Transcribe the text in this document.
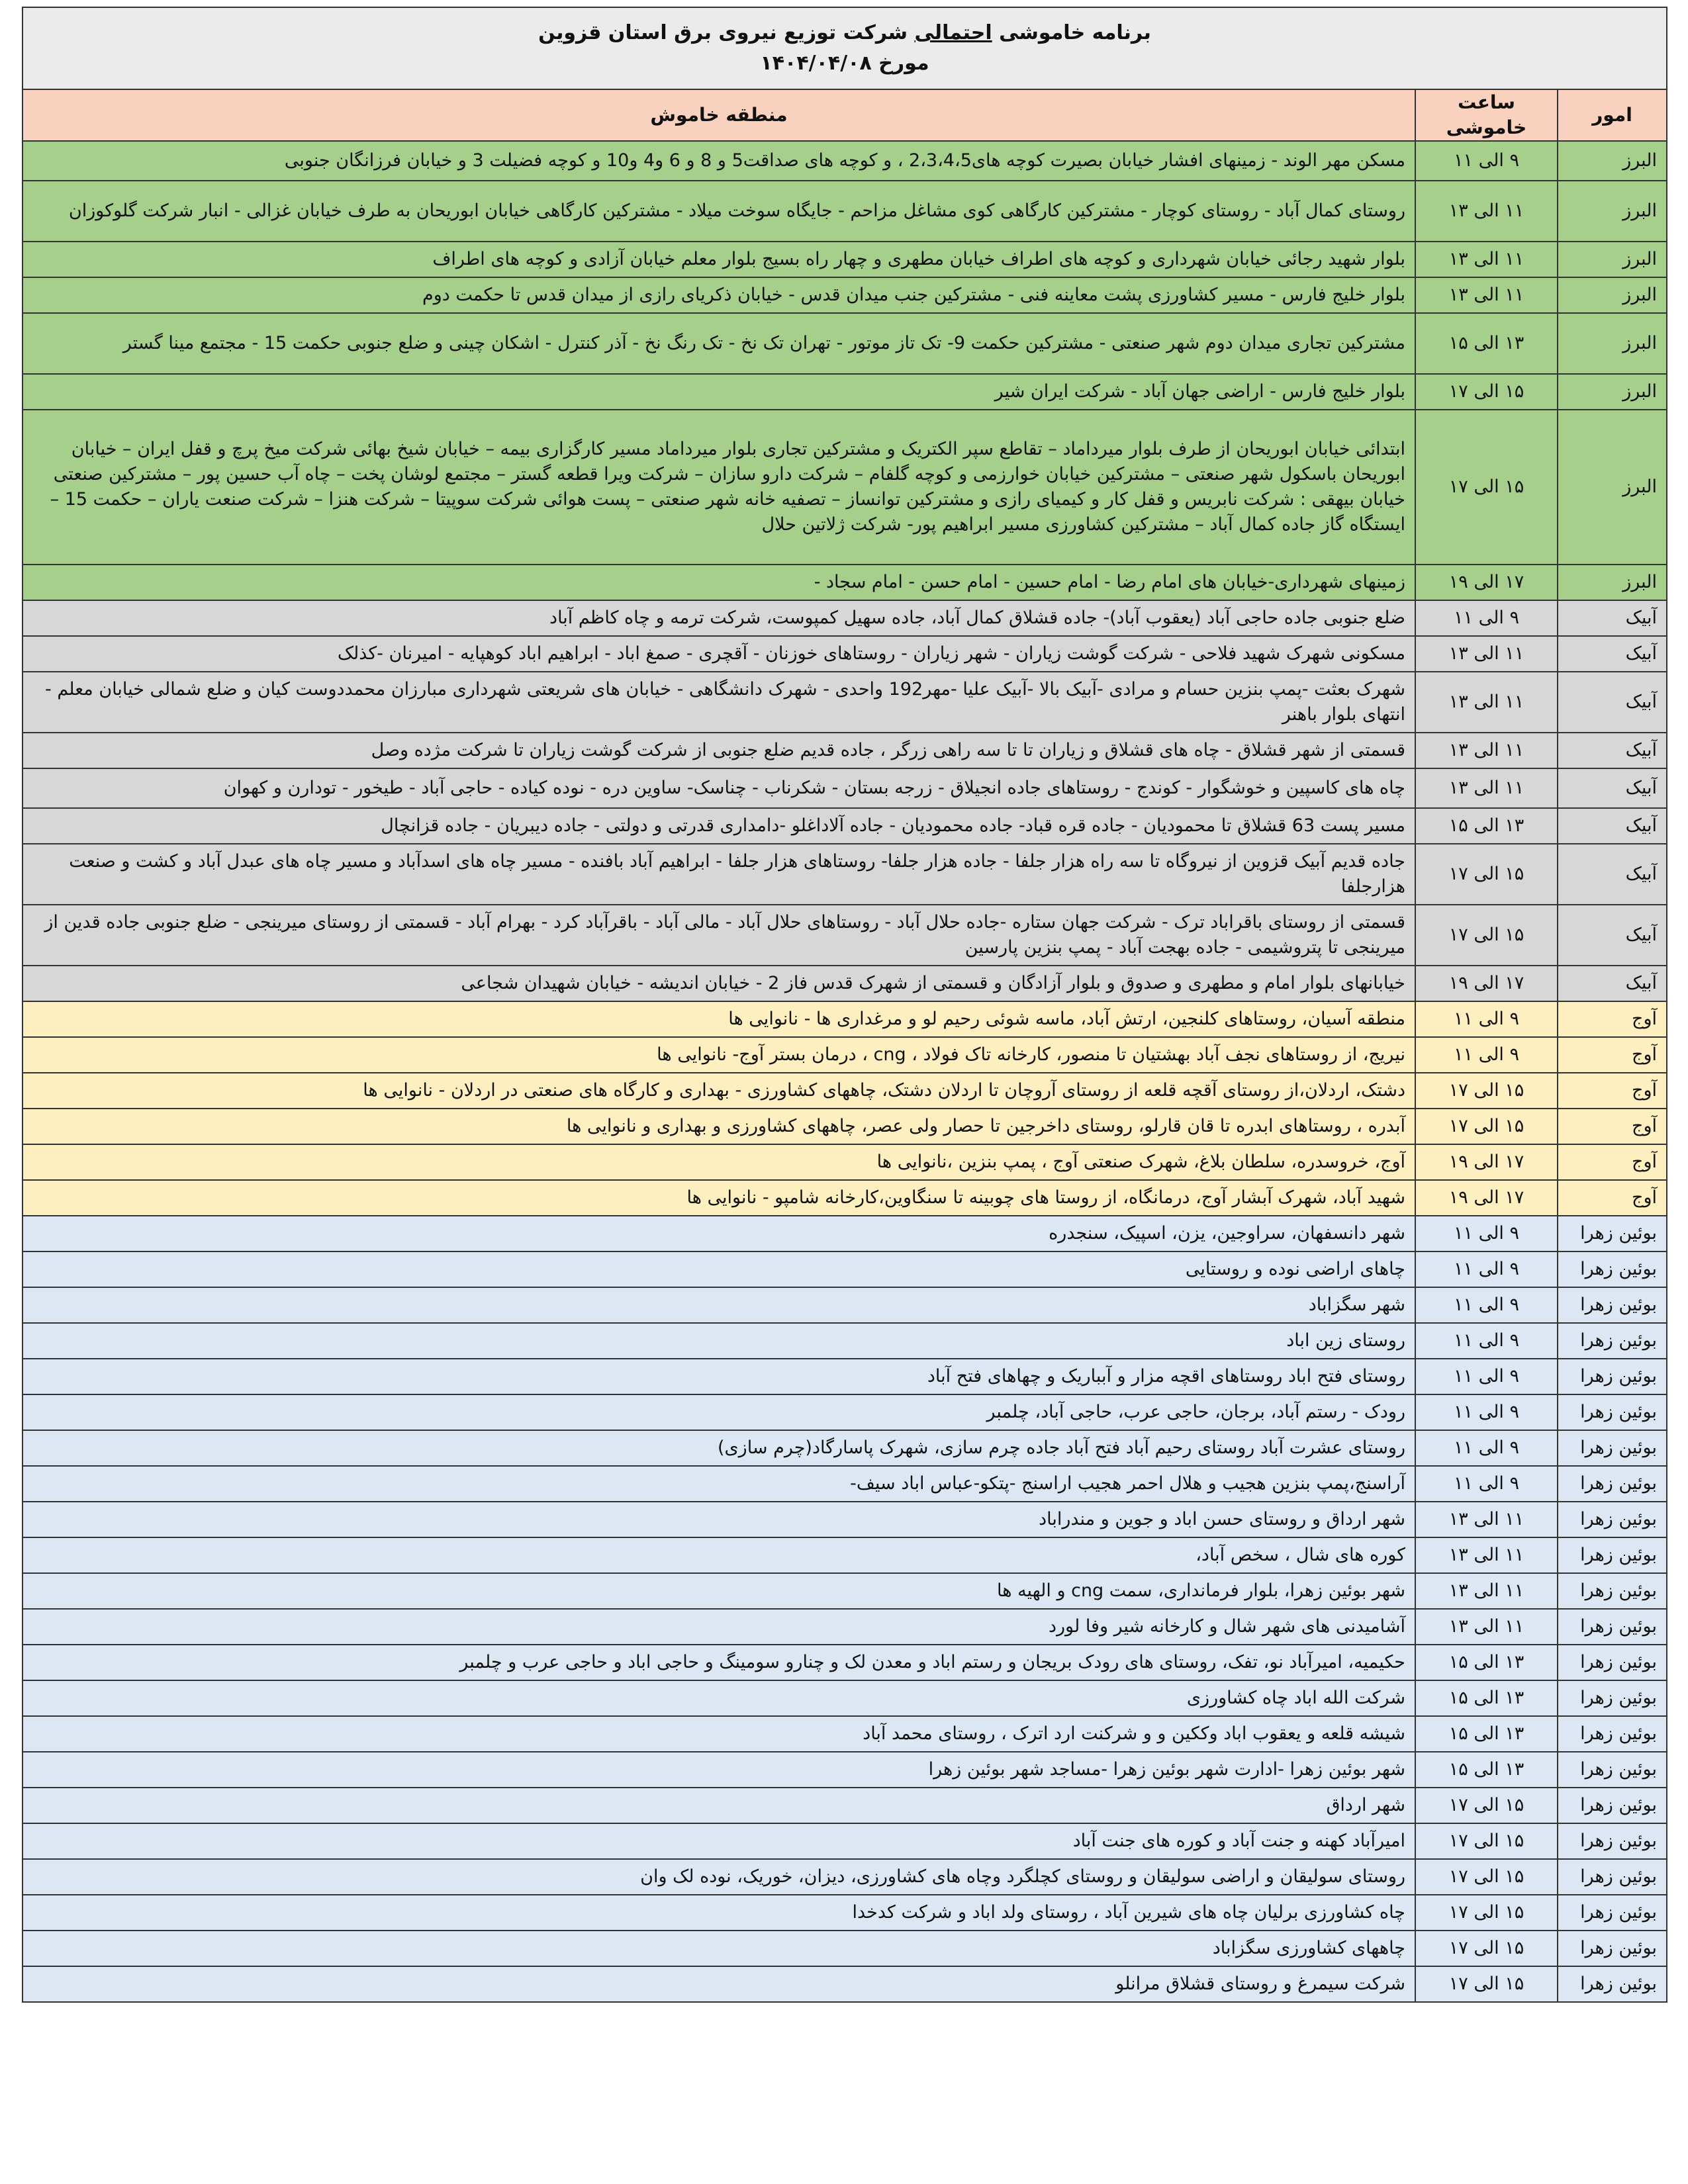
برنامه خاموشی احتمالی شرکت توزیع نیروی برق استان قزوین
مورخ ۱۴۰۴/۰۴/۰۸		

امور	ساعت خاموشی	منطقه خاموش
البرز	۹ الی ۱۱	مسکن مهر الوند - زمینهای افشار خیابان بصیرت کوچه های2،3،4،5 ، و کوچه های صداقت5 و 8 و 6 و4 و10 و کوچه فضیلت 3 و خیابان فرزانگان جنوبی
البرز	۱۱ الی ۱۳	روستای کمال آباد - روستای کوچار - مشترکین کارگاهی کوی مشاغل مزاحم - جایگاه سوخت میلاد - مشترکین کارگاهی خیابان ابوریحان به طرف خیابان غزالی - انبار شرکت گلوکوزان
البرز	۱۱ الی ۱۳	بلوار شهید رجائی خیابان شهرداری و کوچه های اطراف خیابان مطهری و چهار راه بسیج بلوار معلم خیابان آزادی و کوچه های اطراف
البرز	۱۱ الی ۱۳	بلوار خلیج فارس - مسیر کشاورزی پشت معاینه فنی - مشترکین جنب میدان قدس - خیابان ذکریای رازی از میدان قدس تا حکمت دوم
البرز	۱۳ الی ۱۵	مشترکین تجاری میدان دوم شهر صنعتی - مشترکین حکمت 9- تک تاز موتور - تهران تک نخ - تک رنگ نخ - آذر کنترل - اشکان چینی و ضلع جنوبی حکمت 15 - مجتمع مینا گستر
البرز	۱۵ الی ۱۷	بلوار خلیج فارس - اراضی جهان آباد - شرکت ایران شیر
البرز	۱۵ الی ۱۷	ابتدائی خیابان ابوریحان از طرف بلوار میرداماد – تقاطع سپر الکتریک و مشترکین تجاری بلوار میرداماد مسیر کارگزاری بیمه – خیابان شیخ بهائی شرکت میخ پرچ و قفل ایران – خیابان ابوریحان باسکول شهر صنعتی – مشترکین خیابان خوارزمی و کوچه گلفام – شرکت دارو سازان – شرکت ویرا قطعه گستر – مجتمع لوشان پخت – چاه آب حسین پور – مشترکین صنعتی خیابان بیهقی : شرکت نابریس و قفل کار و کیمیای رازی و مشترکین توانساز – تصفیه خانه شهر صنعتی – پست هوائی شرکت سوپیتا – شرکت هنزا – شرکت صنعت یاران – حکمت 15 – ایستگاه گاز جاده کمال آباد – مشترکین کشاورزی مسیر ابراهیم پور- شرکت ژلاتین حلال
البرز	۱۷ الی ۱۹	زمینهای شهرداری-خیابان های امام رضا - امام حسین - امام حسن - امام سجاد -
آبیک	۹ الی ۱۱	ضلع جنوبی جاده حاجی آباد (یعقوب آباد)- جاده قشلاق کمال آباد، جاده سهیل کمپوست، شرکت ترمه و چاه کاظم آباد
آبیک	۱۱ الی ۱۳	مسکونی شهرک شهید فلاحی - شرکت گوشت زیاران - شهر زیاران - روستاهای خوزنان - آقچری - صمغ اباد - ابراهیم اباد کوهپایه - امیرنان -کذلک
آبیک	۱۱ الی ۱۳	شهرک بعثت -پمپ بنزین حسام و مرادی -آبیک بالا -آبیک علیا -مهر192 واحدی - شهرک دانشگاهی - خیابان های شریعتی شهرداری مبارزان محمددوست کیان و ضلع شمالی خیابان معلم - انتهای بلوار باهنر
آبیک	۱۱ الی ۱۳	قسمتی از شهر قشلاق - چاه های قشلاق و زیاران تا تا سه راهی زرگر ، جاده قدیم ضلع جنوبی از شرکت گوشت زیاران تا شرکت مژده وصل
آبیک	۱۱ الی ۱۳	چاه های کاسپین و خوشگوار - کوندج - روستاهای جاده انجیلاق - زرجه بستان - شکرناب - چناسک- ساوین دره - نوده کیاده - حاجی آباد - طیخور - تودارن و کهوان
آبیک	۱۳ الی ۱۵	مسیر پست 63 قشلاق تا محمودیان - جاده قره قباد- جاده محمودیان - جاده آلاداغلو -دامداری قدرتی و دولتی - جاده دیبریان - جاده قزانچال
آبیک	۱۵ الی ۱۷	جاده قدیم آبیک قزوین از نیروگاه تا سه راه هزار جلفا - جاده هزار جلفا- روستاهای هزار جلفا - ابراهیم آباد بافنده - مسیر چاه های اسدآباد و مسیر چاه های عبدل آباد و کشت و صنعت هزارجلفا
آبیک	۱۵ الی ۱۷	قسمتی از روستای باقراباد ترک - شرکت جهان ستاره -جاده حلال آباد - روستاهای حلال آباد - مالی آباد - باقرآباد کرد - بهرام آباد - قسمتی از روستای میرینجی - ضلع جنوبی جاده قدین از میرینجی تا پتروشیمی - جاده بهجت آباد - پمپ بنزین پارسین
آبیک	۱۷ الی ۱۹	خیابانهای بلوار امام و مطهری و صدوق و بلوار آزادگان و قسمتی از شهرک قدس فاز 2 - خیابان اندیشه - خیابان شهیدان شجاعی
آوج	۹ الی ۱۱	منطقه آسیان، روستاهای کلنجین، ارتش آباد، ماسه شوئی رحیم لو و مرغداری ها - نانوایی ها
آوج	۹ الی ۱۱	نیریج، از روستاهای نجف آباد بهشتیان تا منصور، کارخانه تاک فولاد ، cng ، درمان بستر آوج- نانوایی ها
آوج	۱۵ الی ۱۷	دشتک، اردلان،از روستای آقچه قلعه از روستای آروچان تا اردلان دشتک، چاههای کشاورزی - بهداری و کارگاه های صنعتی در اردلان - نانوایی ها
آوج	۱۵ الی ۱۷	آبدره ، روستاهای ابدره تا قان قارلو، روستای داخرجین تا حصار ولی عصر، چاههای کشاورزی و بهداری و نانوایی ها
آوج	۱۷ الی ۱۹	آوج، خروسدره، سلطان بلاغ، شهرک صنعتی آوج ، پمپ بنزین ،نانوایی ها
آوج	۱۷ الی ۱۹	شهید آباد، شهرک آبشار آوج، درمانگاه، از روستا های چوبینه تا سنگاوین،کارخانه شامپو - نانوایی ها
بوئین زهرا	۹ الی ۱۱	شهر دانسفهان، سراوجین، یزن، اسپیک، سنجدره
بوئین زهرا	۹ الی ۱۱	چاهای اراضی نوده و روستایی
بوئین زهرا	۹ الی ۱۱	شهر سگزاباد
بوئین زهرا	۹ الی ۱۱	روستای زین اباد
بوئین زهرا	۹ الی ۱۱	روستای فتح اباد روستاهای اقچه مزار و آبباریک و چهاهای فتح آباد
بوئین زهرا	۹ الی ۱۱	رودک - رستم آباد، برجان، حاجی عرب، حاجی آباد، چلمبر
بوئین زهرا	۹ الی ۱۱	روستای عشرت آباد روستای رحیم آباد فتح آباد جاده چرم سازی، شهرک پاسارگاد(چرم سازی)
بوئین زهرا	۹ الی ۱۱	آراسنج،پمپ بنزین هجیب و هلال احمر هجیب اراسنج -پتکو-عباس اباد سیف-
بوئین زهرا	۱۱ الی ۱۳	شهر ارداق و روستای حسن اباد و جوین و مندراباد
بوئین زهرا	۱۱ الی ۱۳	کوره های شال ، سخص آباد،
بوئین زهرا	۱۱ الی ۱۳	شهر بوئین زهرا، بلوار فرمانداری، سمت cng و الهیه ها
بوئین زهرا	۱۱ الی ۱۳	آشامیدنی های شهر شال و کارخانه شیر وفا لورد
بوئین زهرا	۱۳ الی ۱۵	حکیمیه، امیرآباد نو، تفک، روستای های رودک بریجان و رستم اباد و معدن لک و چنارو سومینگ و حاجی اباد و حاجی عرب و چلمبر
بوئین زهرا	۱۳ الی ۱۵	شرکت الله اباد چاه کشاورزی
بوئین زهرا	۱۳ الی ۱۵	شیشه قلعه و یعقوب اباد وککین و و شرکنت ارد اترک ، روستای محمد آباد
بوئین زهرا	۱۳ الی ۱۵	شهر بوئین زهرا -ادارت شهر بوئین زهرا -مساجد شهر بوئین زهرا
بوئین زهرا	۱۵ الی ۱۷	شهر ارداق
بوئین زهرا	۱۵ الی ۱۷	امیرآباد کهنه و جنت آباد و کوره های جنت آباد
بوئین زهرا	۱۵ الی ۱۷	روستای سولیقان و اراضی سولیقان و روستای کچلگرد وچاه های کشاورزی، دیزان، خوریک، نوده لک وان
بوئین زهرا	۱۵ الی ۱۷	چاه کشاورزی برلیان چاه های شیرین آباد ، روستای ولد اباد و شرکت کدخدا
بوئین زهرا	۱۵ الی ۱۷	چاههای کشاورزی سگزاباد
بوئین زهرا	۱۵ الی ۱۷	شرکت سیمرغ و روستای قشلاق مرانلو
